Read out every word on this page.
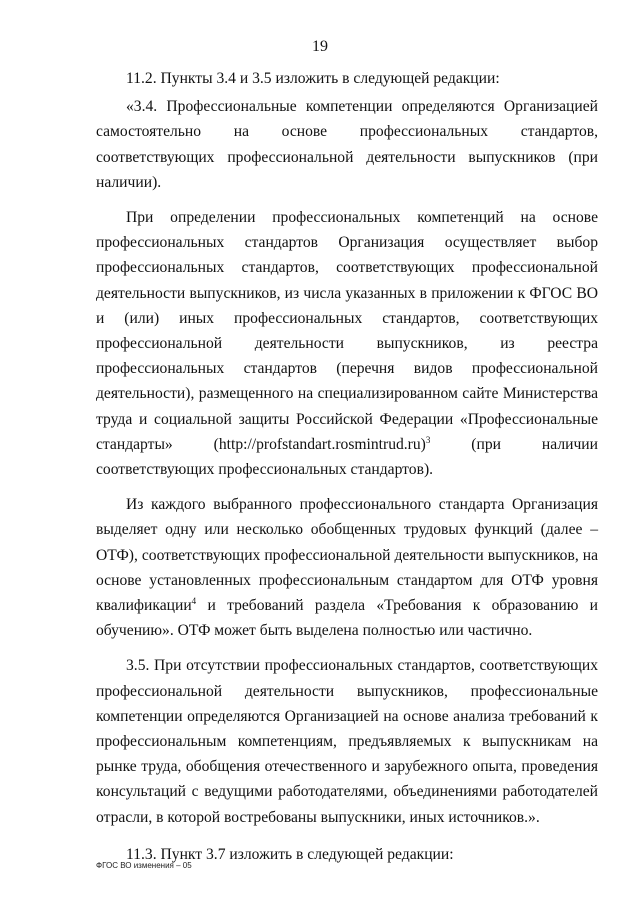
19

11.2. Пункты 3.4 и 3.5 изложить в следующей редакции:

«3.4. Профессиональные компетенции определяются Организацией самостоятельно на основе профессиональных стандартов, соответствующих профессиональной деятельности выпускников (при наличии).

При определении профессиональных компетенций на основе профессиональных стандартов Организация осуществляет выбор профессиональных стандартов, соответствующих профессиональной деятельности выпускников, из числа указанных в приложении к ФГОС ВО и (или) иных профессиональных стандартов, соответствующих профессиональной деятельности выпускников, из реестра профессиональных стандартов (перечня видов профессиональной деятельности), размещенного на специализированном сайте Министерства труда и социальной защиты Российской Федерации «Профессиональные стандарты» (http://profstandart.rosmintrud.ru)$^3$ (при наличии соответствующих профессиональных стандартов).

Из каждого выбранного профессионального стандарта Организация выделяет одну или несколько обобщенных трудовых функций (далее – ОТФ), соответствующих профессиональной деятельности выпускников, на основе установленных профессиональным стандартом для ОТФ уровня квалификации$^4$ и требований раздела «Требования к образованию и обучению». ОТФ может быть выделена полностью или частично.

3.5. При отсутствии профессиональных стандартов, соответствующих профессиональной деятельности выпускников, профессиональные компетенции определяются Организацией на основе анализа требований к профессиональным компетенциям, предъявляемых к выпускникам на рынке труда, обобщения отечественного и зарубежного опыта, проведения консультаций с ведущими работодателями, объединениями работодателей отрасли, в которой востребованы выпускники, иных источников.».

11.3. Пункт 3.7 изложить в следующей редакции:

ФГОС ВО изменения – 05
